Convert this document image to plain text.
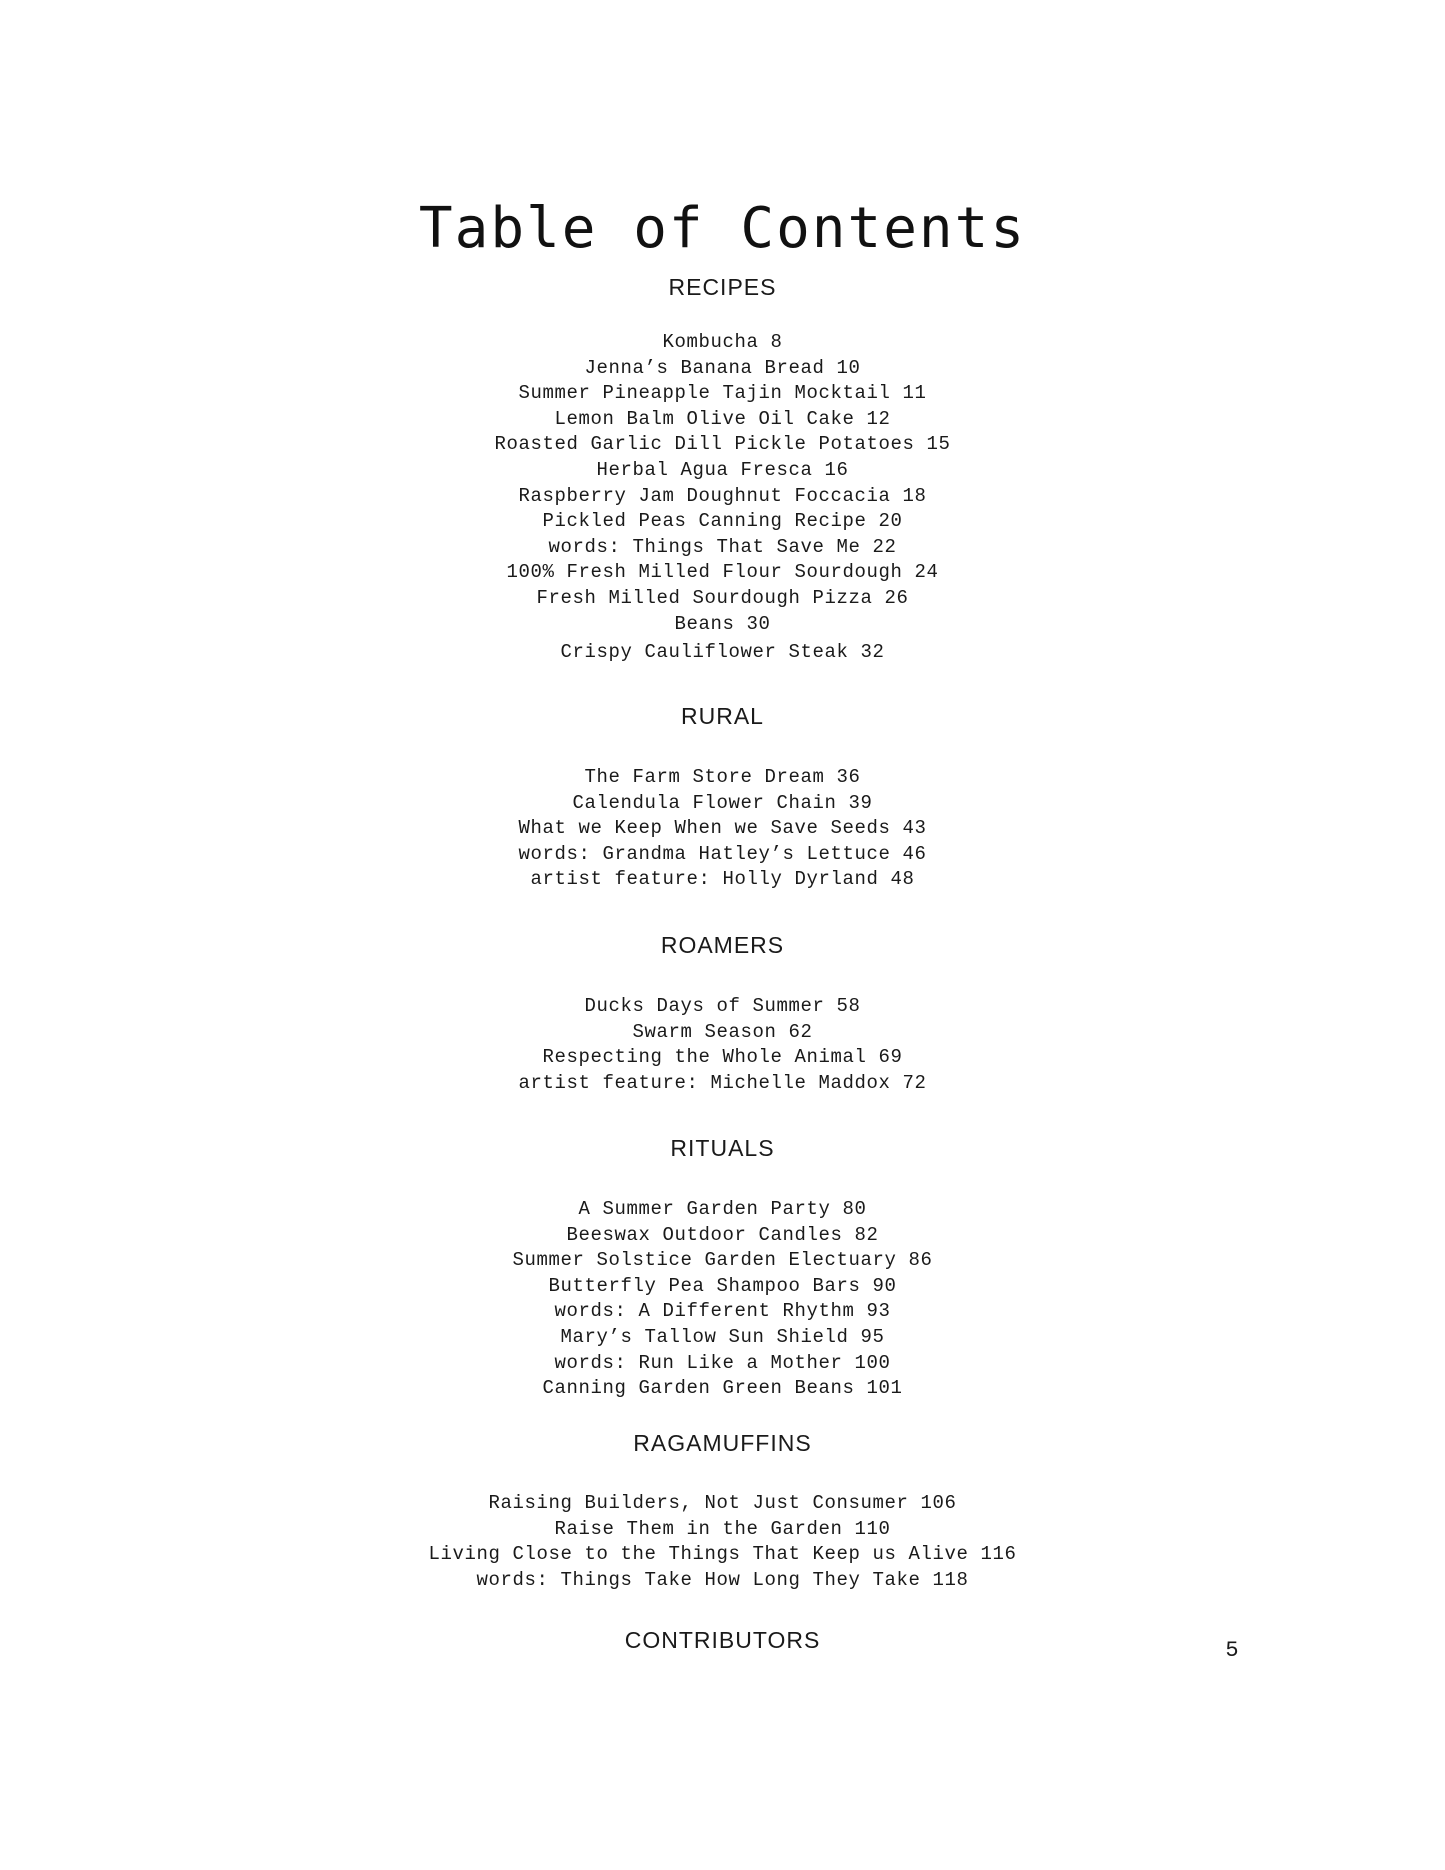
Table of Contents
RECIPES
Kombucha 8
Jenna’s Banana Bread 10
Summer Pineapple Tajin Mocktail 11
Lemon Balm Olive Oil Cake 12
Roasted Garlic Dill Pickle Potatoes 15
Herbal Agua Fresca 16
Raspberry Jam Doughnut Foccacia 18
Pickled Peas Canning Recipe 20
words: Things That Save Me 22
100% Fresh Milled Flour Sourdough 24
Fresh Milled Sourdough Pizza 26
Beans 30
Crispy Cauliflower Steak 32
RURAL
The Farm Store Dream 36
Calendula Flower Chain 39
What we Keep When we Save Seeds 43
words: Grandma Hatley’s Lettuce 46
artist feature: Holly Dyrland 48
ROAMERS
Ducks Days of Summer 58
Swarm Season 62
Respecting the Whole Animal 69
artist feature: Michelle Maddox 72
RITUALS
A Summer Garden Party 80
Beeswax Outdoor Candles 82
Summer Solstice Garden Electuary 86
Butterfly Pea Shampoo Bars 90
words: A Different Rhythm 93
Mary’s Tallow Sun Shield 95
words: Run Like a Mother 100
Canning Garden Green Beans 101
RAGAMUFFINS
Raising Builders, Not Just Consumer 106
Raise Them in the Garden 110
Living Close to the Things That Keep us Alive 116
words: Things Take How Long They Take 118
CONTRIBUTORS	5
